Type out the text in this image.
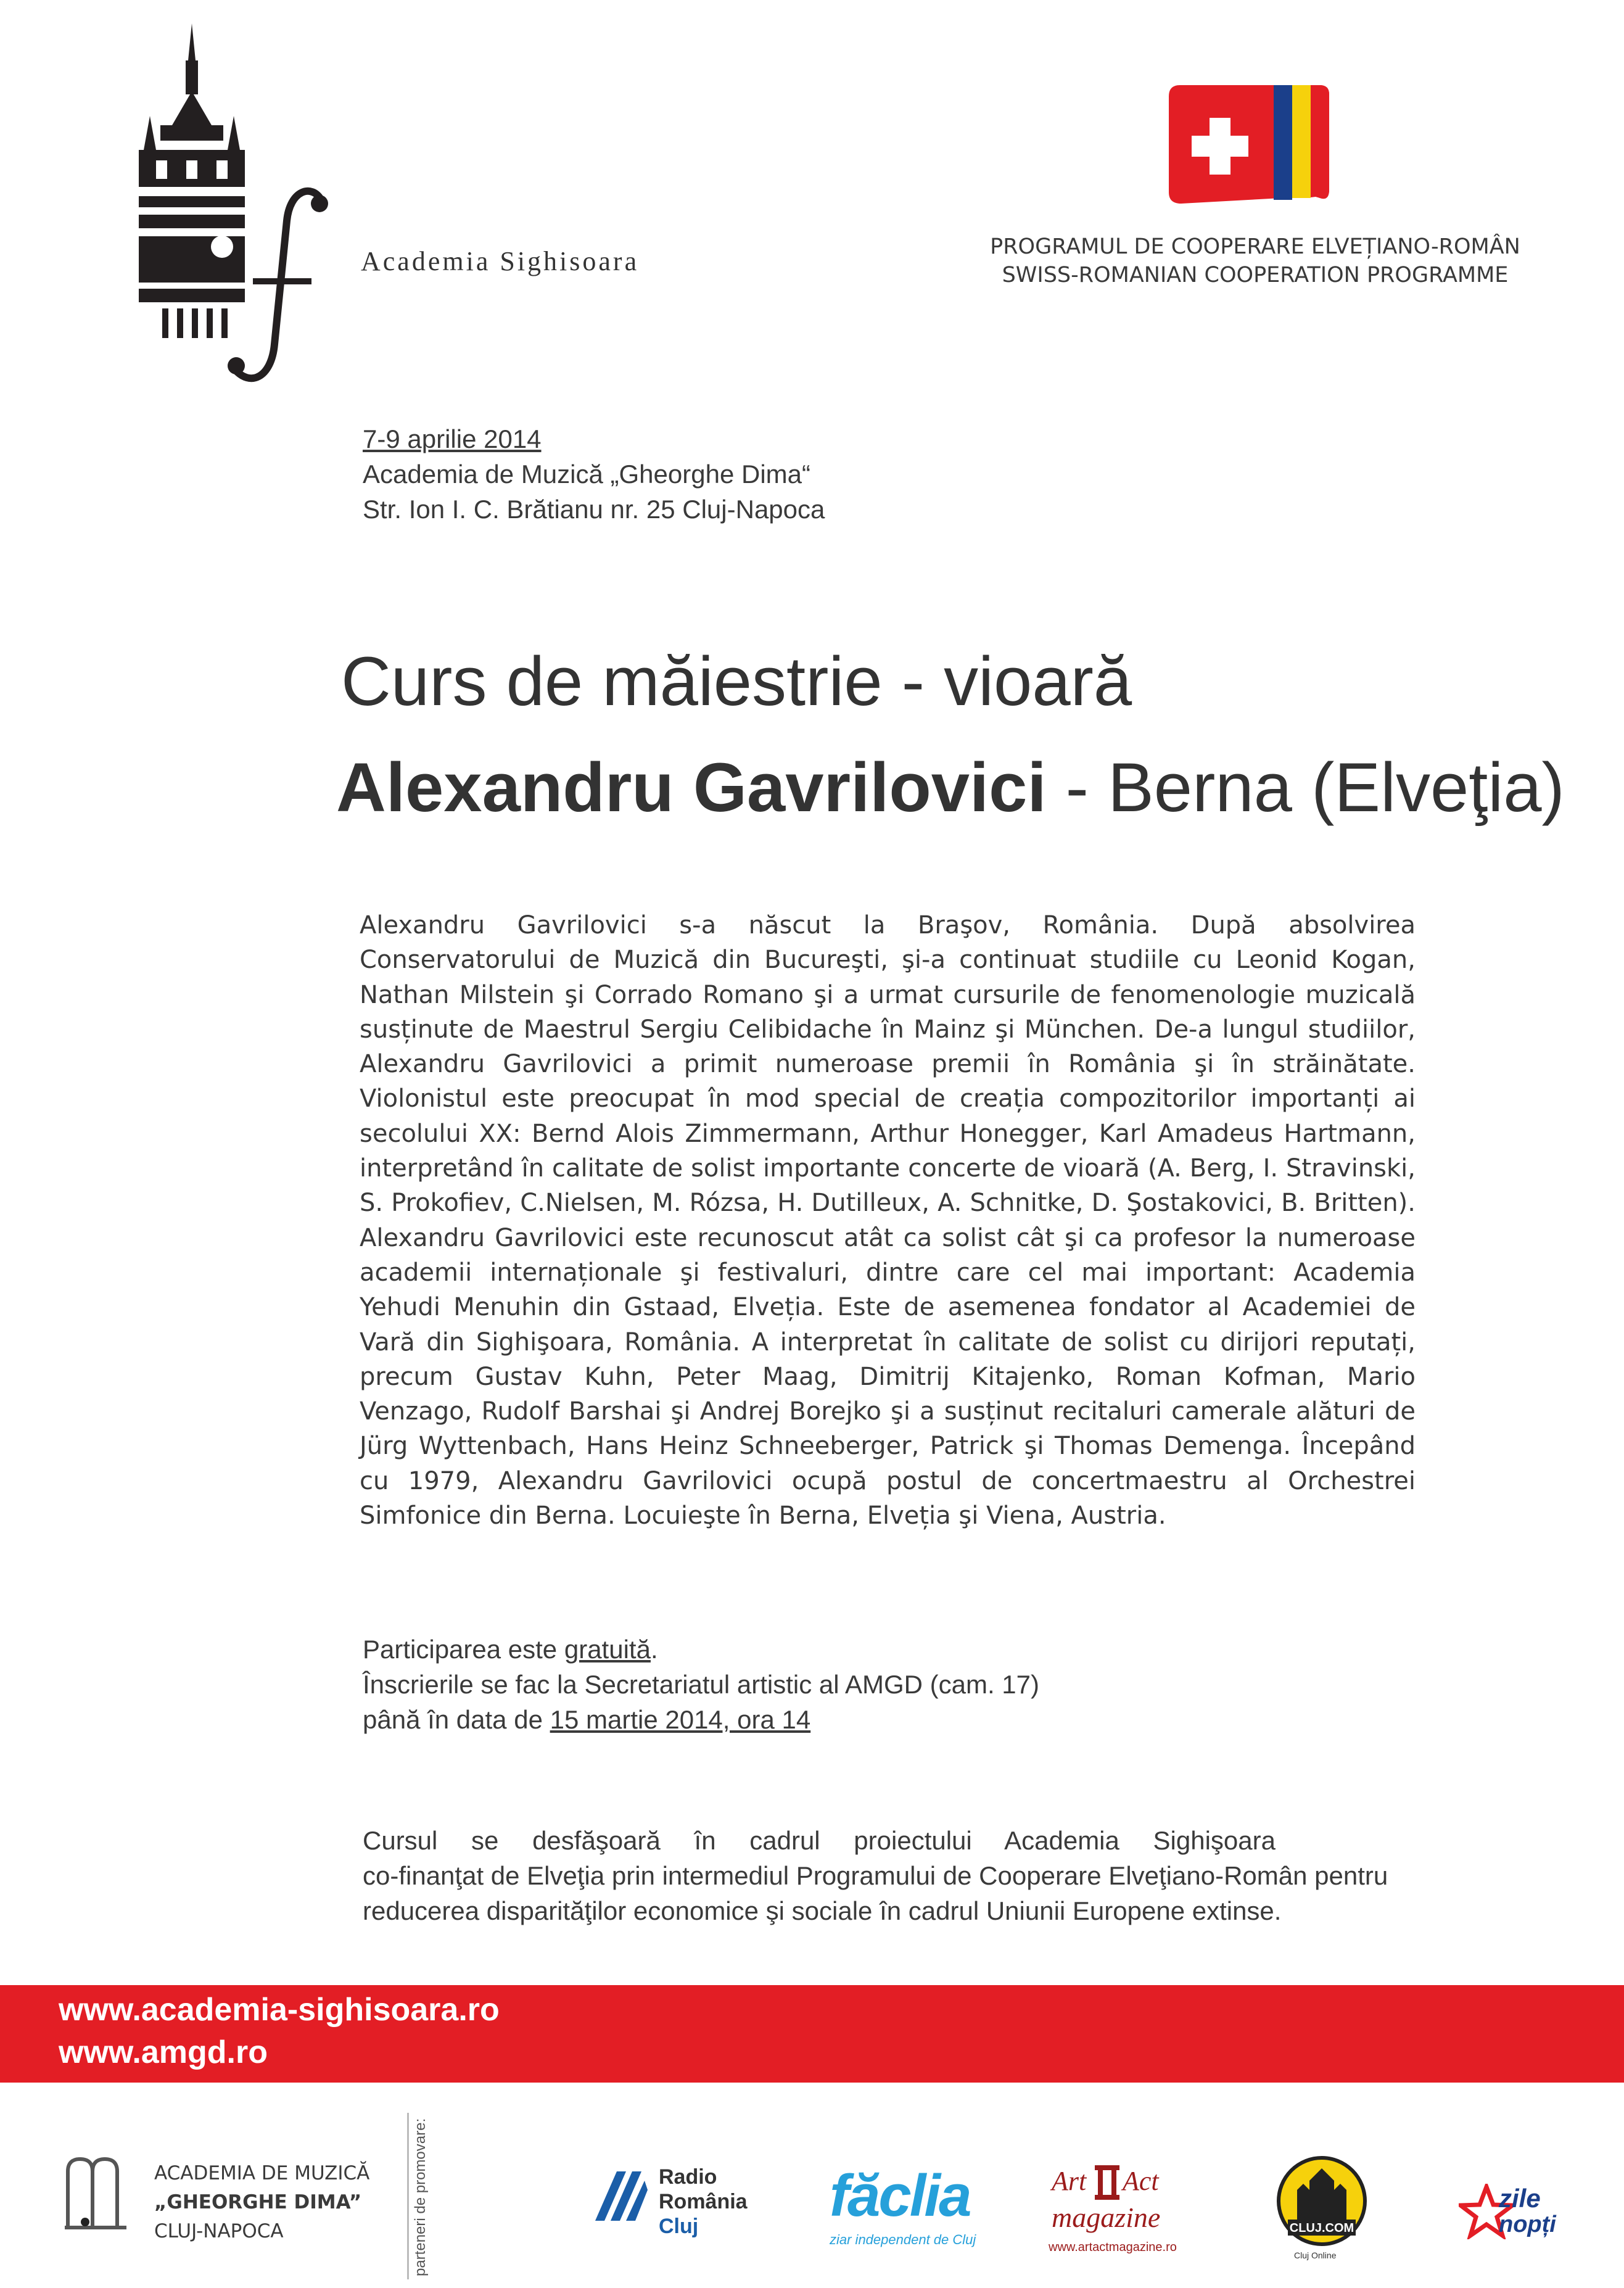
Academia Sighisoara	PROGRAMUL DE COOPERARE ELVEȚIANO-ROMÂN
SWISS-ROMANIAN COOPERATION PROGRAMME
7-9 aprilie 2014
Academia de Muzică „Gheorghe Dima“
Str. Ion I. C. Brătianu nr. 25 Cluj-Napoca
Curs de măiestrie - vioară
Alexandru Gavrilovici - Berna (Elveţia)
Alexandru Gavrilovici s-a născut la Braşov, România. După absolvirea
Conservatorului de Muzică din Bucureşti, şi-a continuat studiile cu Leonid Kogan,
Nathan Milstein şi Corrado Romano şi a urmat cursurile de fenomenologie muzicală
susținute de Maestrul Sergiu Celibidache în Mainz şi München. De-a lungul studiilor,
Alexandru Gavrilovici a primit numeroase premii în România şi în străinătate.
Violonistul este preocupat în mod special de creația compozitorilor importanți ai
secolului XX: Bernd Alois Zimmermann, Arthur Honegger, Karl Amadeus Hartmann,
interpretând în calitate de solist importante concerte de vioară (A. Berg, I. Stravinski,
S. Prokofiev, C.Nielsen, M. Rózsa, H. Dutilleux, A. Schnitke, D. Şostakovici, B. Britten).
Alexandru Gavrilovici este recunoscut atât ca solist cât şi ca profesor la numeroase
academii internaționale şi festivaluri, dintre care cel mai important: Academia
Yehudi Menuhin din Gstaad, Elveția. Este de asemenea fondator al Academiei de
Vară din Sighişoara, România. A interpretat în calitate de solist cu dirijori reputați,
precum Gustav Kuhn, Peter Maag, Dimitrij Kitajenko, Roman Kofman, Mario
Venzago, Rudolf Barshai şi Andrej Borejko şi a susținut recitaluri camerale alături de
Jürg Wyttenbach, Hans Heinz Schneeberger, Patrick şi Thomas Demenga. Începând
cu 1979, Alexandru Gavrilovici ocupă postul de concertmaestru al Orchestrei
Simfonice din Berna. Locuieşte în Berna, Elveția şi Viena, Austria.
Participarea este gratuită.
Înscrierile se fac la Secretariatul artistic al AMGD (cam. 17)
până în data de 15 martie 2014, ora 14
Cursul se desfăşoară în cadrul proiectului Academia Sighişoara
co-finanţat de Elveţia prin intermediul Programului de Cooperare Elveţiano-Român pentru
reducerea disparităţilor economice şi sociale în cadrul Uniunii Europene extinse.
www.academia-sighisoara.ro
www.amgd.ro
ACADEMIA DE MUZICĂ
„GHEORGHE DIMA”
CLUJ-NAPOCA	parteneri de promovare:	Radio
România
Cluj făclia
ziar independent de Cluj
Art Act
magazine
www.artactmagazine.ro
CLUJ.COM
Cluj Online
zile
nopți
